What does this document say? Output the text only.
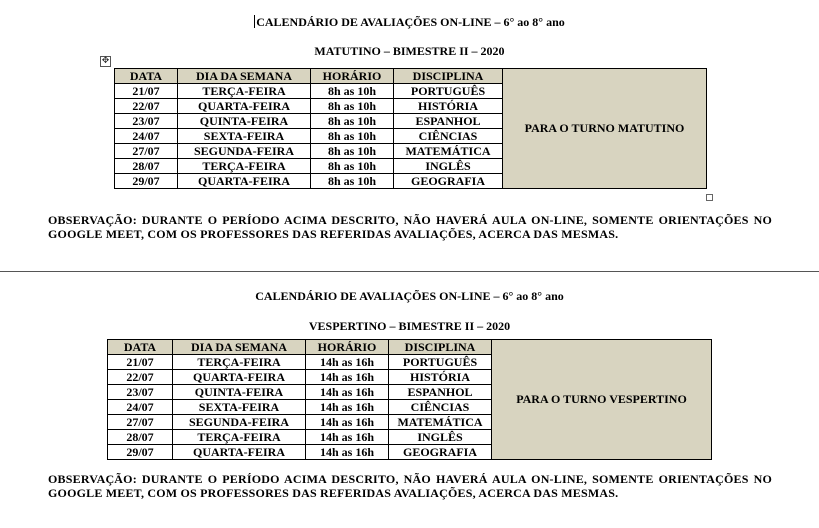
CALENDÁRIO DE AVALIAÇÕES ON-LINE – 6° ao 8° ano
MATUTINO – BIMESTRE II – 2020
✥
DATA	DIA DA SEMANA	HORÁRIO	DISCIPLINA	PARA O TURNO MATUTINO
21/07	TERÇA-FEIRA	8h as 10h	PORTUGUÊS	
22/07	QUARTA-FEIRA	8h as 10h	HISTÓRIA	
23/07	QUINTA-FEIRA	8h as 10h	ESPANHOL	
24/07	SEXTA-FEIRA	8h as 10h	CIÊNCIAS	
27/07	SEGUNDA-FEIRA	8h as 10h	MATEMÁTICA	
28/07	TERÇA-FEIRA	8h as 10h	INGLÊS	
29/07	QUARTA-FEIRA	8h as 10h	GEOGRAFIA	
OBSERVAÇÃO: DURANTE O PERÍODO ACIMA DESCRITO, NÃO HAVERÁ AULA ON-LINE, SOMENTE ORIENTAÇÕES NO GOOGLE MEET, COM OS PROFESSORES DAS REFERIDAS AVALIAÇÕES, ACERCA DAS MESMAS.
CALENDÁRIO DE AVALIAÇÕES ON-LINE – 6° ao 8° ano
VESPERTINO – BIMESTRE II – 2020
DATA	DIA DA SEMANA	HORÁRIO	DISCIPLINA	PARA O TURNO VESPERTINO
21/07	TERÇA-FEIRA	14h as 16h	PORTUGUÊS	
22/07	QUARTA-FEIRA	14h as 16h	HISTÓRIA	
23/07	QUINTA-FEIRA	14h as 16h	ESPANHOL	
24/07	SEXTA-FEIRA	14h as 16h	CIÊNCIAS	
27/07	SEGUNDA-FEIRA	14h as 16h	MATEMÁTICA	
28/07	TERÇA-FEIRA	14h as 16h	INGLÊS	
29/07	QUARTA-FEIRA	14h as 16h	GEOGRAFIA	
OBSERVAÇÃO: DURANTE O PERÍODO ACIMA DESCRITO, NÃO HAVERÁ AULA ON-LINE, SOMENTE ORIENTAÇÕES NO GOOGLE MEET, COM OS PROFESSORES DAS REFERIDAS AVALIAÇÕES, ACERCA DAS MESMAS.
